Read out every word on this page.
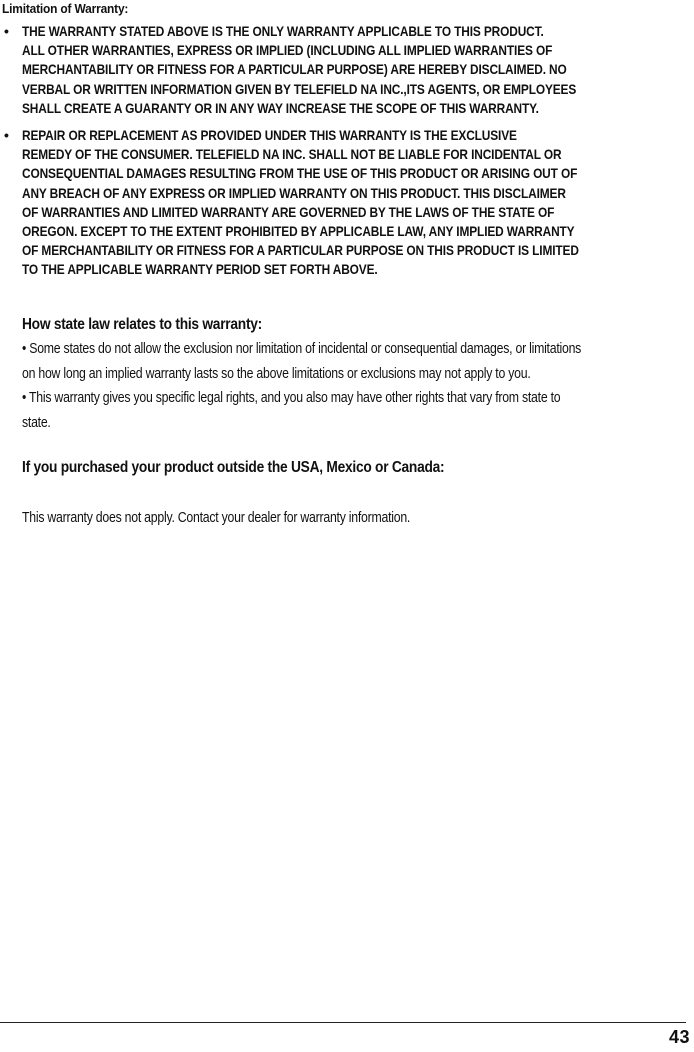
Limitation of Warranty:
• THE WARRANTY STATED ABOVE IS THE ONLY WARRANTY APPLICABLE TO THIS PRODUCT.
ALL OTHER WARRANTIES, EXPRESS OR IMPLIED (INCLUDING ALL IMPLIED WARRANTIES OF
MERCHANTABILITY OR FITNESS FOR A PARTICULAR PURPOSE) ARE HEREBY DISCLAIMED. NO
VERBAL OR WRITTEN INFORMATION GIVEN BY TELEFIELD NA INC.,ITS AGENTS, OR EMPLOYEES
SHALL CREATE A GUARANTY OR IN ANY WAY INCREASE THE SCOPE OF THIS WARRANTY.
• REPAIR OR REPLACEMENT AS PROVIDED UNDER THIS WARRANTY IS THE EXCLUSIVE
REMEDY OF THE CONSUMER. TELEFIELD NA INC. SHALL NOT BE LIABLE FOR INCIDENTAL OR
CONSEQUENTIAL DAMAGES RESULTING FROM THE USE OF THIS PRODUCT OR ARISING OUT OF
ANY BREACH OF ANY EXPRESS OR IMPLIED WARRANTY ON THIS PRODUCT. THIS DISCLAIMER
OF WARRANTIES AND LIMITED WARRANTY ARE GOVERNED BY THE LAWS OF THE STATE OF
OREGON. EXCEPT TO THE EXTENT PROHIBITED BY APPLICABLE LAW, ANY IMPLIED WARRANTY
OF MERCHANTABILITY OR FITNESS FOR A PARTICULAR PURPOSE ON THIS PRODUCT IS LIMITED
TO THE APPLICABLE WARRANTY PERIOD SET FORTH ABOVE.
How state law relates to this warranty:
• Some states do not allow the exclusion nor limitation of incidental or consequential damages, or limitations
on how long an implied warranty lasts so the above limitations or exclusions may not apply to you.
• This warranty gives you specific legal rights, and you also may have other rights that vary from state to
state.
If you purchased your product outside the USA, Mexico or Canada:
This warranty does not apply. Contact your dealer for warranty information.
43
